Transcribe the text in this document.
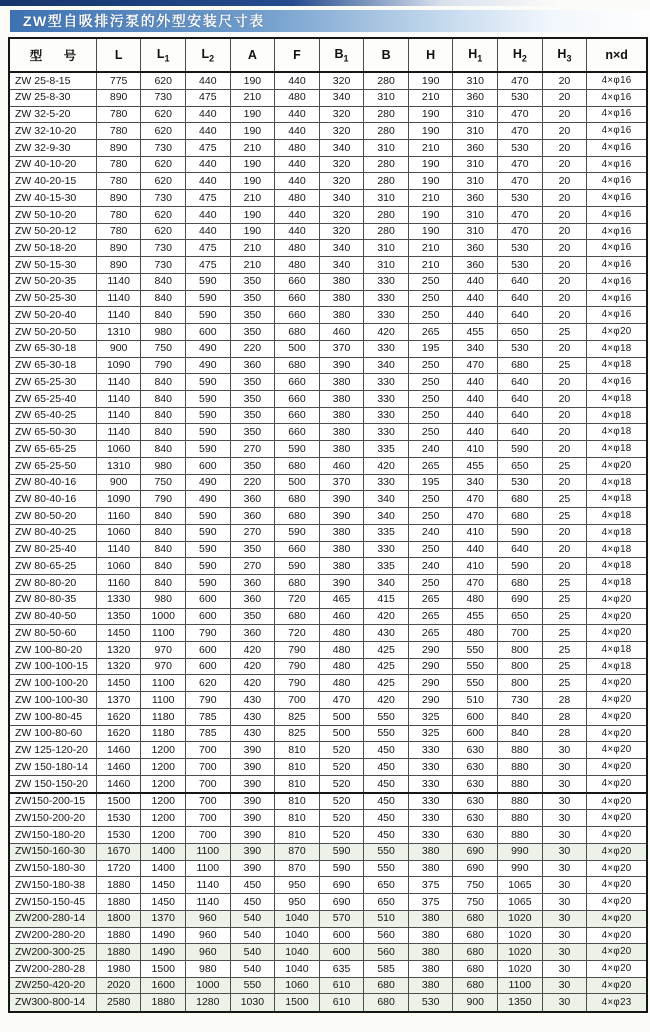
ZW型自吸排污泵的外型安装尺寸表
型 号	L	$L_1$	$L_2$	A	F	$B_1$	B	H	$H_1$	$H_2$	$H_3$	n×d
ZW 25-8-15	775	620	440	190	440	320	280	190	310	470	20	4×φ16
ZW 25-8-30	890	730	475	210	480	340	310	210	360	530	20	4×φ16
ZW 32-5-20	780	620	440	190	440	320	280	190	310	470	20	4×φ16
ZW 32-10-20	780	620	440	190	440	320	280	190	310	470	20	4×φ16
ZW 32-9-30	890	730	475	210	480	340	310	210	360	530	20	4×φ16
ZW 40-10-20	780	620	440	190	440	320	280	190	310	470	20	4×φ16
ZW 40-20-15	780	620	440	190	440	320	280	190	310	470	20	4×φ16
ZW 40-15-30	890	730	475	210	480	340	310	210	360	530	20	4×φ16
ZW 50-10-20	780	620	440	190	440	320	280	190	310	470	20	4×φ16
ZW 50-20-12	780	620	440	190	440	320	280	190	310	470	20	4×φ16
ZW 50-18-20	890	730	475	210	480	340	310	210	360	530	20	4×φ16
ZW 50-15-30	890	730	475	210	480	340	310	210	360	530	20	4×φ16
ZW 50-20-35	1140	840	590	350	660	380	330	250	440	640	20	4×φ16
ZW 50-25-30	1140	840	590	350	660	380	330	250	440	640	20	4×φ16
ZW 50-20-40	1140	840	590	350	660	380	330	250	440	640	20	4×φ16
ZW 50-20-50	1310	980	600	350	680	460	420	265	455	650	25	4×φ20
ZW 65-30-18	900	750	490	220	500	370	330	195	340	530	20	4×φ18
ZW 65-30-18	1090	790	490	360	680	390	340	250	470	680	25	4×φ18
ZW 65-25-30	1140	840	590	350	660	380	330	250	440	640	20	4×φ16
ZW 65-25-40	1140	840	590	350	660	380	330	250	440	640	20	4×φ18
ZW 65-40-25	1140	840	590	350	660	380	330	250	440	640	20	4×φ18
ZW 65-50-30	1140	840	590	350	660	380	330	250	440	640	20	4×φ18
ZW 65-65-25	1060	840	590	270	590	380	335	240	410	590	20	4×φ18
ZW 65-25-50	1310	980	600	350	680	460	420	265	455	650	25	4×φ20
ZW 80-40-16	900	750	490	220	500	370	330	195	340	530	20	4×φ18
ZW 80-40-16	1090	790	490	360	680	390	340	250	470	680	25	4×φ18
ZW 80-50-20	1160	840	590	360	680	390	340	250	470	680	25	4×φ18
ZW 80-40-25	1060	840	590	270	590	380	335	240	410	590	20	4×φ18
ZW 80-25-40	1140	840	590	350	660	380	330	250	440	640	20	4×φ18
ZW 80-65-25	1060	840	590	270	590	380	335	240	410	590	20	4×φ18
ZW 80-80-20	1160	840	590	360	680	390	340	250	470	680	25	4×φ18
ZW 80-80-35	1330	980	600	360	720	465	415	265	480	690	25	4×φ20
ZW 80-40-50	1350	1000	600	350	680	460	420	265	455	650	25	4×φ20
ZW 80-50-60	1450	1100	790	360	720	480	430	265	480	700	25	4×φ20
ZW 100-80-20	1320	970	600	420	790	480	425	290	550	800	25	4×φ18
ZW 100-100-15	1320	970	600	420	790	480	425	290	550	800	25	4×φ18
ZW 100-100-20	1450	1100	620	420	790	480	425	290	550	800	25	4×φ20
ZW 100-100-30	1370	1100	790	430	700	470	420	290	510	730	28	4×φ20
ZW 100-80-45	1620	1180	785	430	825	500	550	325	600	840	28	4×φ20
ZW 100-80-60	1620	1180	785	430	825	500	550	325	600	840	28	4×φ20
ZW 125-120-20	1460	1200	700	390	810	520	450	330	630	880	30	4×φ20
ZW 150-180-14	1460	1200	700	390	810	520	450	330	630	880	30	4×φ20
ZW 150-150-20	1460	1200	700	390	810	520	450	330	630	880	30	4×φ20
ZW150-200-15	1500	1200	700	390	810	520	450	330	630	880	30	4×φ20
ZW150-200-20	1530	1200	700	390	810	520	450	330	630	880	30	4×φ20
ZW150-180-20	1530	1200	700	390	810	520	450	330	630	880	30	4×φ20
ZW150-160-30	1670	1400	1100	390	870	590	550	380	690	990	30	4×φ20
ZW150-180-30	1720	1400	1100	390	870	590	550	380	690	990	30	4×φ20
ZW150-180-38	1880	1450	1140	450	950	690	650	375	750	1065	30	4×φ20
ZW150-150-45	1880	1450	1140	450	950	690	650	375	750	1065	30	4×φ20
ZW200-280-14	1800	1370	960	540	1040	570	510	380	680	1020	30	4×φ20
ZW200-280-20	1880	1490	960	540	1040	600	560	380	680	1020	30	4×φ20
ZW200-300-25	1880	1490	960	540	1040	600	560	380	680	1020	30	4×φ20
ZW200-280-28	1980	1500	980	540	1040	635	585	380	680	1020	30	4×φ20
ZW250-420-20	2020	1600	1000	550	1060	610	680	380	680	1100	30	4×φ20
ZW300-800-14	2580	1880	1280	1030	1500	610	680	530	900	1350	30	4×φ23
